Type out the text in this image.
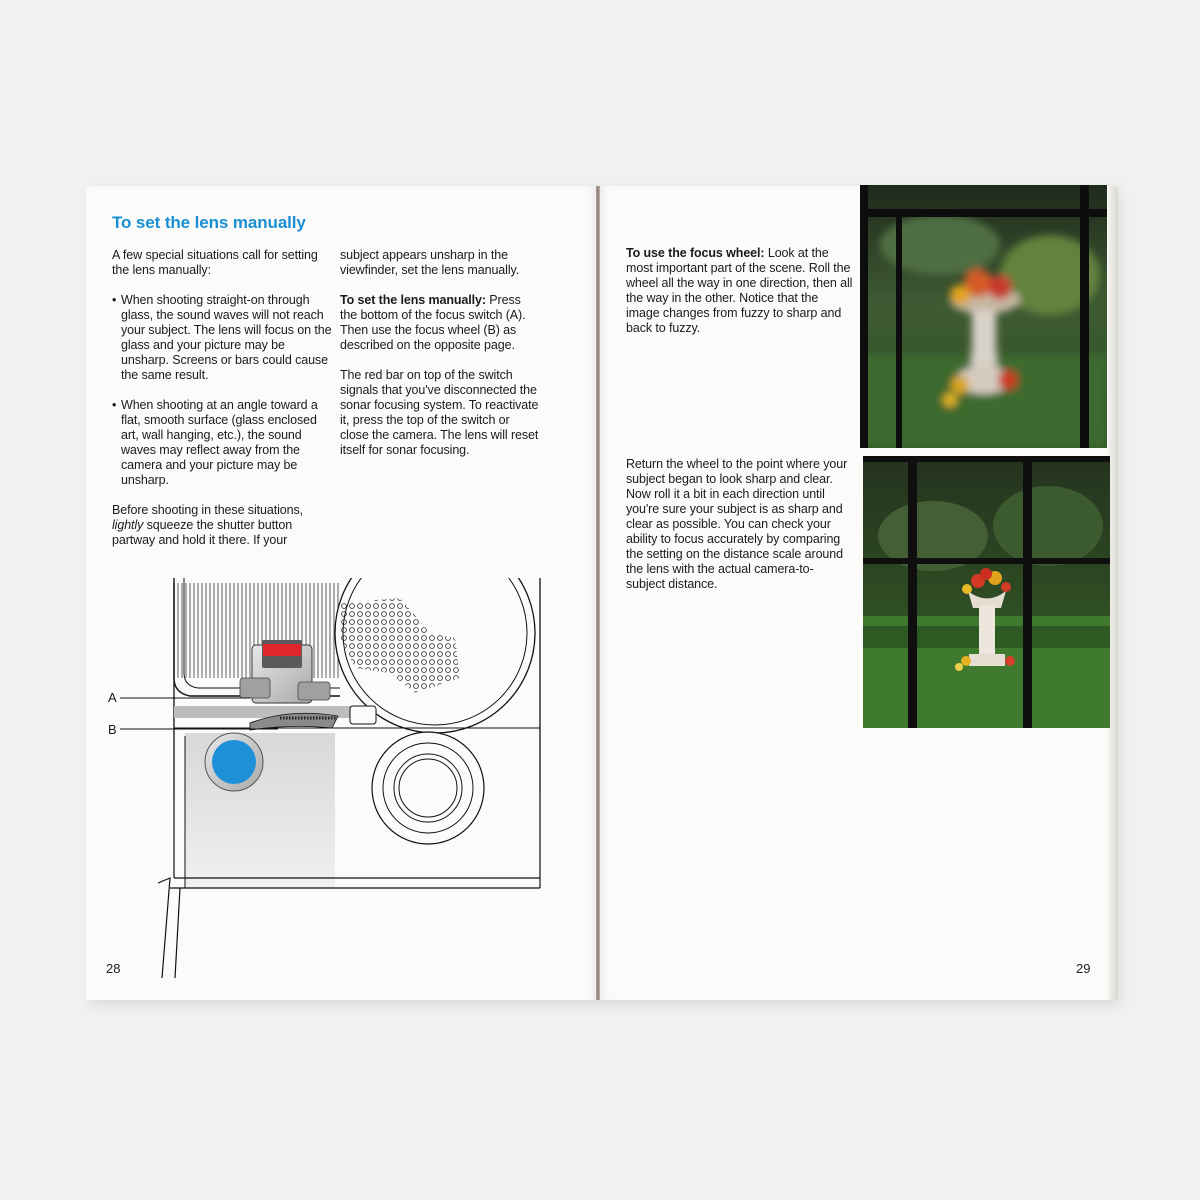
To set the lens manually

A few special situations call for setting the lens manually:

• When shooting straight-on through glass, the sound waves will not reach your subject. The lens will focus on the glass and your picture may be unsharp. Screens or bars could cause the same result.
• When shooting at an angle toward a flat, smooth surface (glass enclosed art, wall hanging, etc.), the sound waves may reflect away from the camera and your picture may be unsharp.

Before shooting in these situations, lightly squeeze the shutter button partway and hold it there. If your

subject appears unsharp in the viewfinder, set the lens manually.

To set the lens manually: Press the bottom of the focus switch (A). Then use the focus wheel (B) as described on the opposite page.

The red bar on top of the switch signals that you've disconnected the sonar focusing system. To reactivate it, press the top of the switch or close the camera. The lens will reset itself for sonar focusing.

A
B
28
To use the focus wheel: Look at the most important part of the scene. Roll the wheel all the way in one direction, then all the way in the other. Notice that the image changes from fuzzy to sharp and back to fuzzy.
Return the wheel to the point where your subject began to look sharp and clear. Now roll it a bit in each direction until you're sure your subject is as sharp and clear as possible. You can check your ability to focus accurately by comparing the setting on the distance scale around the lens with the actual camera-to-subject distance.
29
